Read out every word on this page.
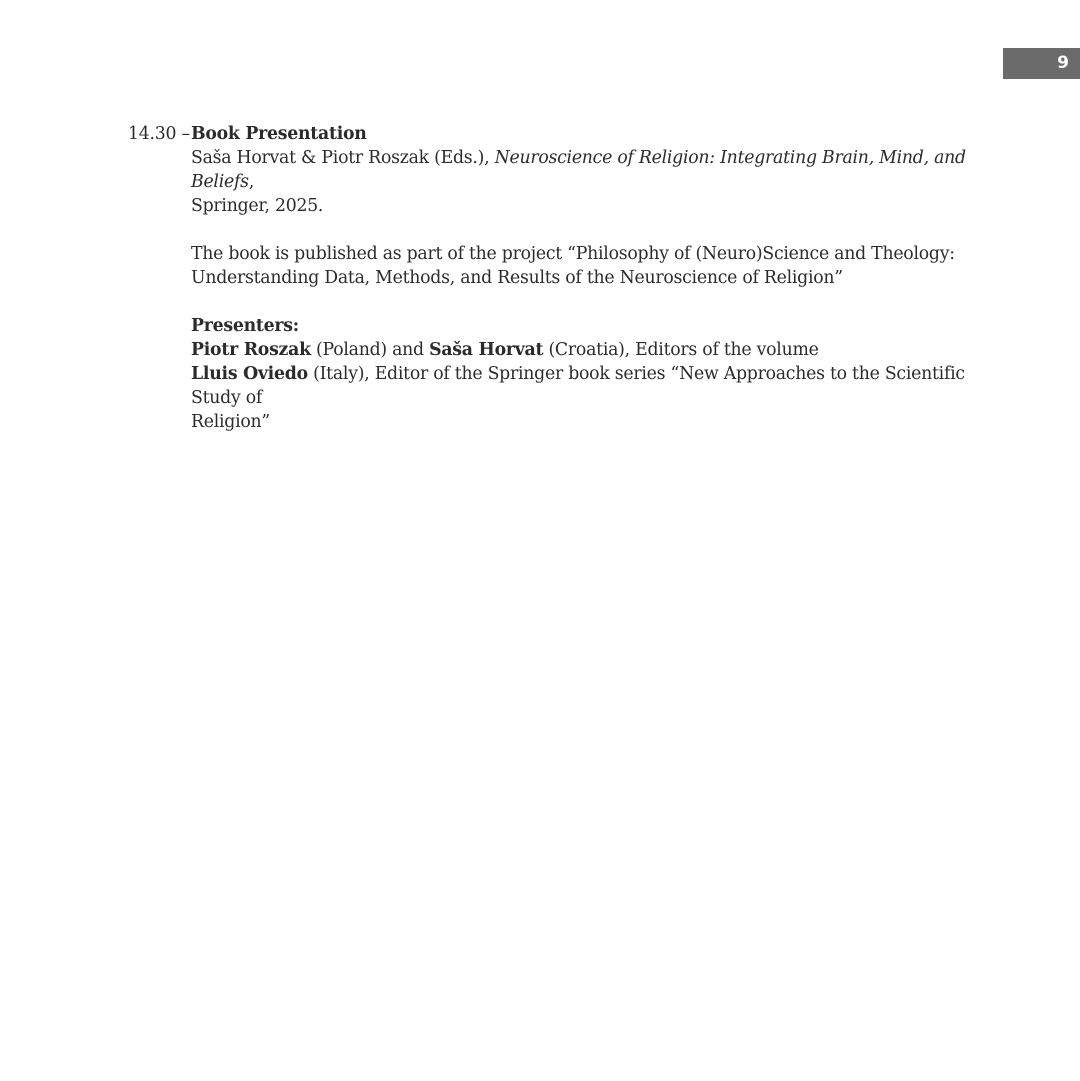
9
14.30 – Book Presentation
Saša Horvat & Piotr Roszak (Eds.), Neuroscience of Religion: Integrating Brain, Mind, and Beliefs,
Springer, 2025.
The book is published as part of the project “Philosophy of (Neuro)Science and Theology:
Understanding Data, Methods, and Results of the Neuroscience of Religion”
Presenters:
Piotr Roszak (Poland) and Saša Horvat (Croatia), Editors of the volume
Lluis Oviedo (Italy), Editor of the Springer book series “New Approaches to the Scientific Study of
Religion”
